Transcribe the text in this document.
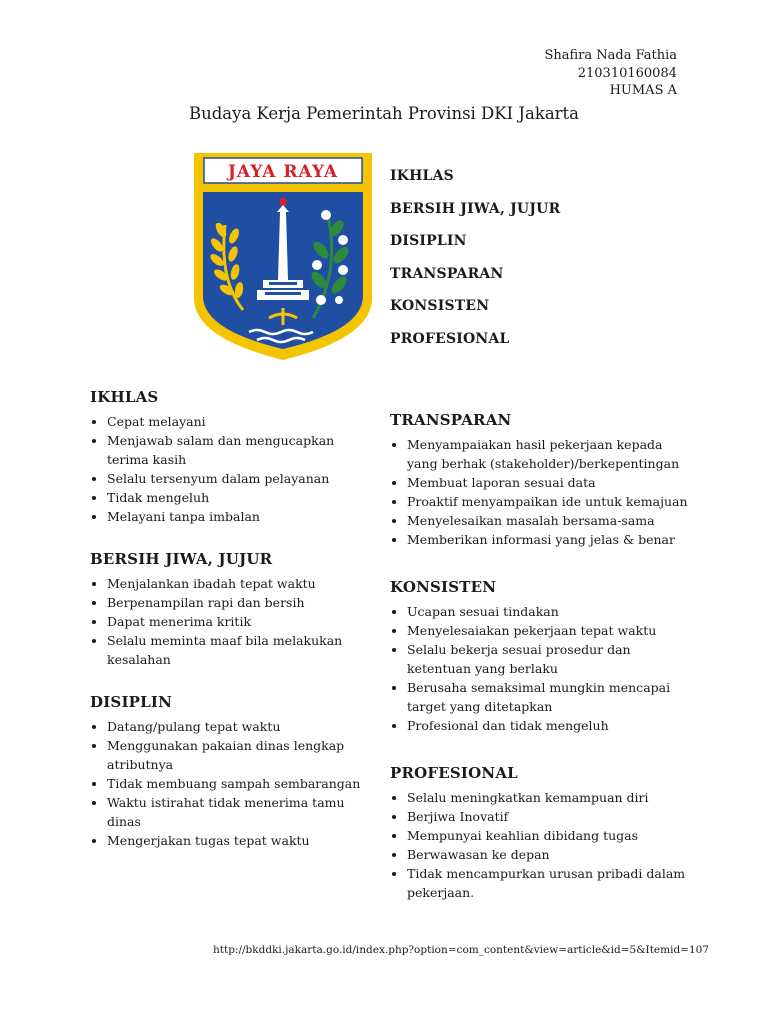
Shafira Nada Fathia
210310160084
HUMAS A
Budaya Kerja Pemerintah Provinsi DKI Jakarta
JAYA RAYA	IKHLAS
BERSIH JIWA, JUJUR
DISIPLIN
TRANSPARAN
KONSISTEN
PROFESIONAL
IKHLAS
• Cepat melayani
• Menjawab salam dan mengucapkan terima kasih
• Selalu tersenyum dalam pelayanan
• Tidak mengeluh
• Melayani tanpa imbalan
BERSIH JIWA, JUJUR
• Menjalankan ibadah tepat waktu
• Berpenampilan rapi dan bersih
• Dapat menerima kritik
• Selalu meminta maaf bila melakukan kesalahan
DISIPLIN
• Datang/pulang tepat waktu
• Menggunakan pakaian dinas lengkap atributnya
• Tidak membuang sampah sembarangan
• Waktu istirahat tidak menerima tamu dinas
• Mengerjakan tugas tepat waktu
TRANSPARAN
• Menyampaiakan hasil pekerjaan kepada yang berhak (stakeholder)/berkepentingan
• Membuat laporan sesuai data
• Proaktif menyampaikan ide untuk kemajuan
• Menyelesaikan masalah bersama-sama
• Memberikan informasi yang jelas & benar
KONSISTEN
• Ucapan sesuai tindakan
• Menyelesaiakan pekerjaan tepat waktu
• Selalu bekerja sesuai prosedur dan ketentuan yang berlaku
• Berusaha semaksimal mungkin mencapai target yang ditetapkan
• Profesional dan tidak mengeluh
PROFESIONAL
• Selalu meningkatkan kemampuan diri
• Berjiwa Inovatif
• Mempunyai keahlian dibidang tugas
• Berwawasan ke depan
• Tidak mencampurkan urusan pribadi dalam pekerjaan.
http://bkddki.jakarta.go.id/index.php?option=com_content&view=article&id=5&Itemid=107
